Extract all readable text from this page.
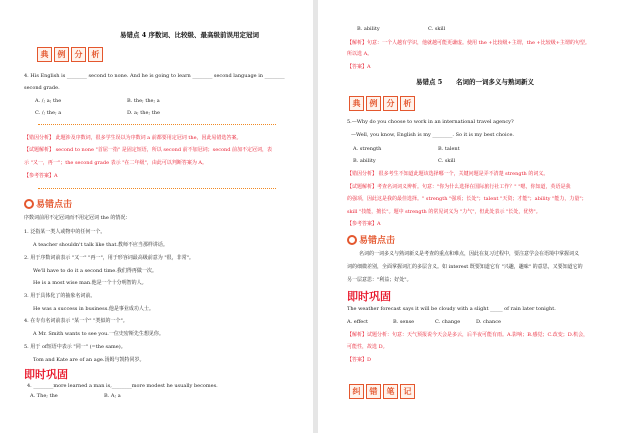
易错点 4 序数词、比较级、最高级前误用定冠词
典	例	分	析
4. His English is ________ second to none. And he is going to learn ________ second language in ________
second grade.
A. /; a; the	B. the; the; a
C. /; the; a	D. a; the; the
【错因分析】 此题涉及序数词，很多学生误以为序数词 a 前都要用定冠词 the，因此易错选答案。
【试题解析】 second to none "首屈一指" 是固定短语，所以 second 前不加冠词；second 前加不定冠词，表
示 "又一，再一"；the second grade 表示 "在二年级"，由此可以判断答案为 A。
【参考答案】A
易错点击
序数词前用不定冠词而不用定冠词 the 的情况：
1. 泛指某一类人或物中的任何一个。
A teacher shouldn't talk like that.教师不应当那样讲话。
2. 用于序数词前表示 "又一" "再一"，用于形容词最高级前意为 "很，非常"。
We'll have to do it a second time.我们得再做一次。
He is a most wise man.他是一个十分明智的人。
3. 用于具体化了的抽象名词前。
He was a success in business.他是事业成功人士。
4. 在专有名词前表示 "某一个" "类似的一个"。
A Mr. Smith wants to see you.一位史密斯先生想见你。
5. 用于 of短语中表示 "同一" (=the same)。
Tom and Kate are of an age.汤姆与凯特同岁。
即时巩固
4. ________more learned a man is,________more modest he usually becomes.
A. The; the	B. A; a
B. ability	C. skill
【解析】句意：一个人越有学识，他就越可能更谦虚。使用 the +比较级+主谓，the +比较级+主谓的句型。
所以选 A。
【答案】A
易错点 5 名词的一词多义与熟词新义
典	例	分	析
5.—Why do you choose to work in an international travel agency?
—Well, you know, English is my ________. So it is my best choice.
A. strength	B. talent
B. ability	C. skill
【错因分析】 很多考生不知道此题该选择哪一个，关键问题是弄不清楚 strength 的词义。
【试题解析】考查名词词义辨析。句意："你为什么选择在国际旅行社工作？" "嗯，你知道，英语是我
的强项，因此这是我的最佳选择。" strength "强项；长处"；talent "天资；才能"；ability "能力，力量"；
skill "技能，擅长"。题中 strength 的常见词义为 "力气"，但此处表示 "长处，优势"。
【参考答案】A
易错点击
名词的一词多义与熟词新义是考查的重点和难点，因此在复习过程中，要注意学会在语境中掌握词义
词的细微差别，全面掌握词汇的多层含义。如 interest 既要知道它有 "兴趣，趣味" 的意思，又要知道它的
另一层意思："利益；好处"。
即时巩固
The weather forecast says it will be cloudy with a slight _____ of rain later tonight.
A. effect	B. sense	C. change	D. chance
【解析】试题分析：句意：天气预报说今天会是多云，后半夜可能有雨。A.影响；B.感觉；C.改变；D.机会，
可能性，故选 D。
【答案】D
纠	错	笔	记
